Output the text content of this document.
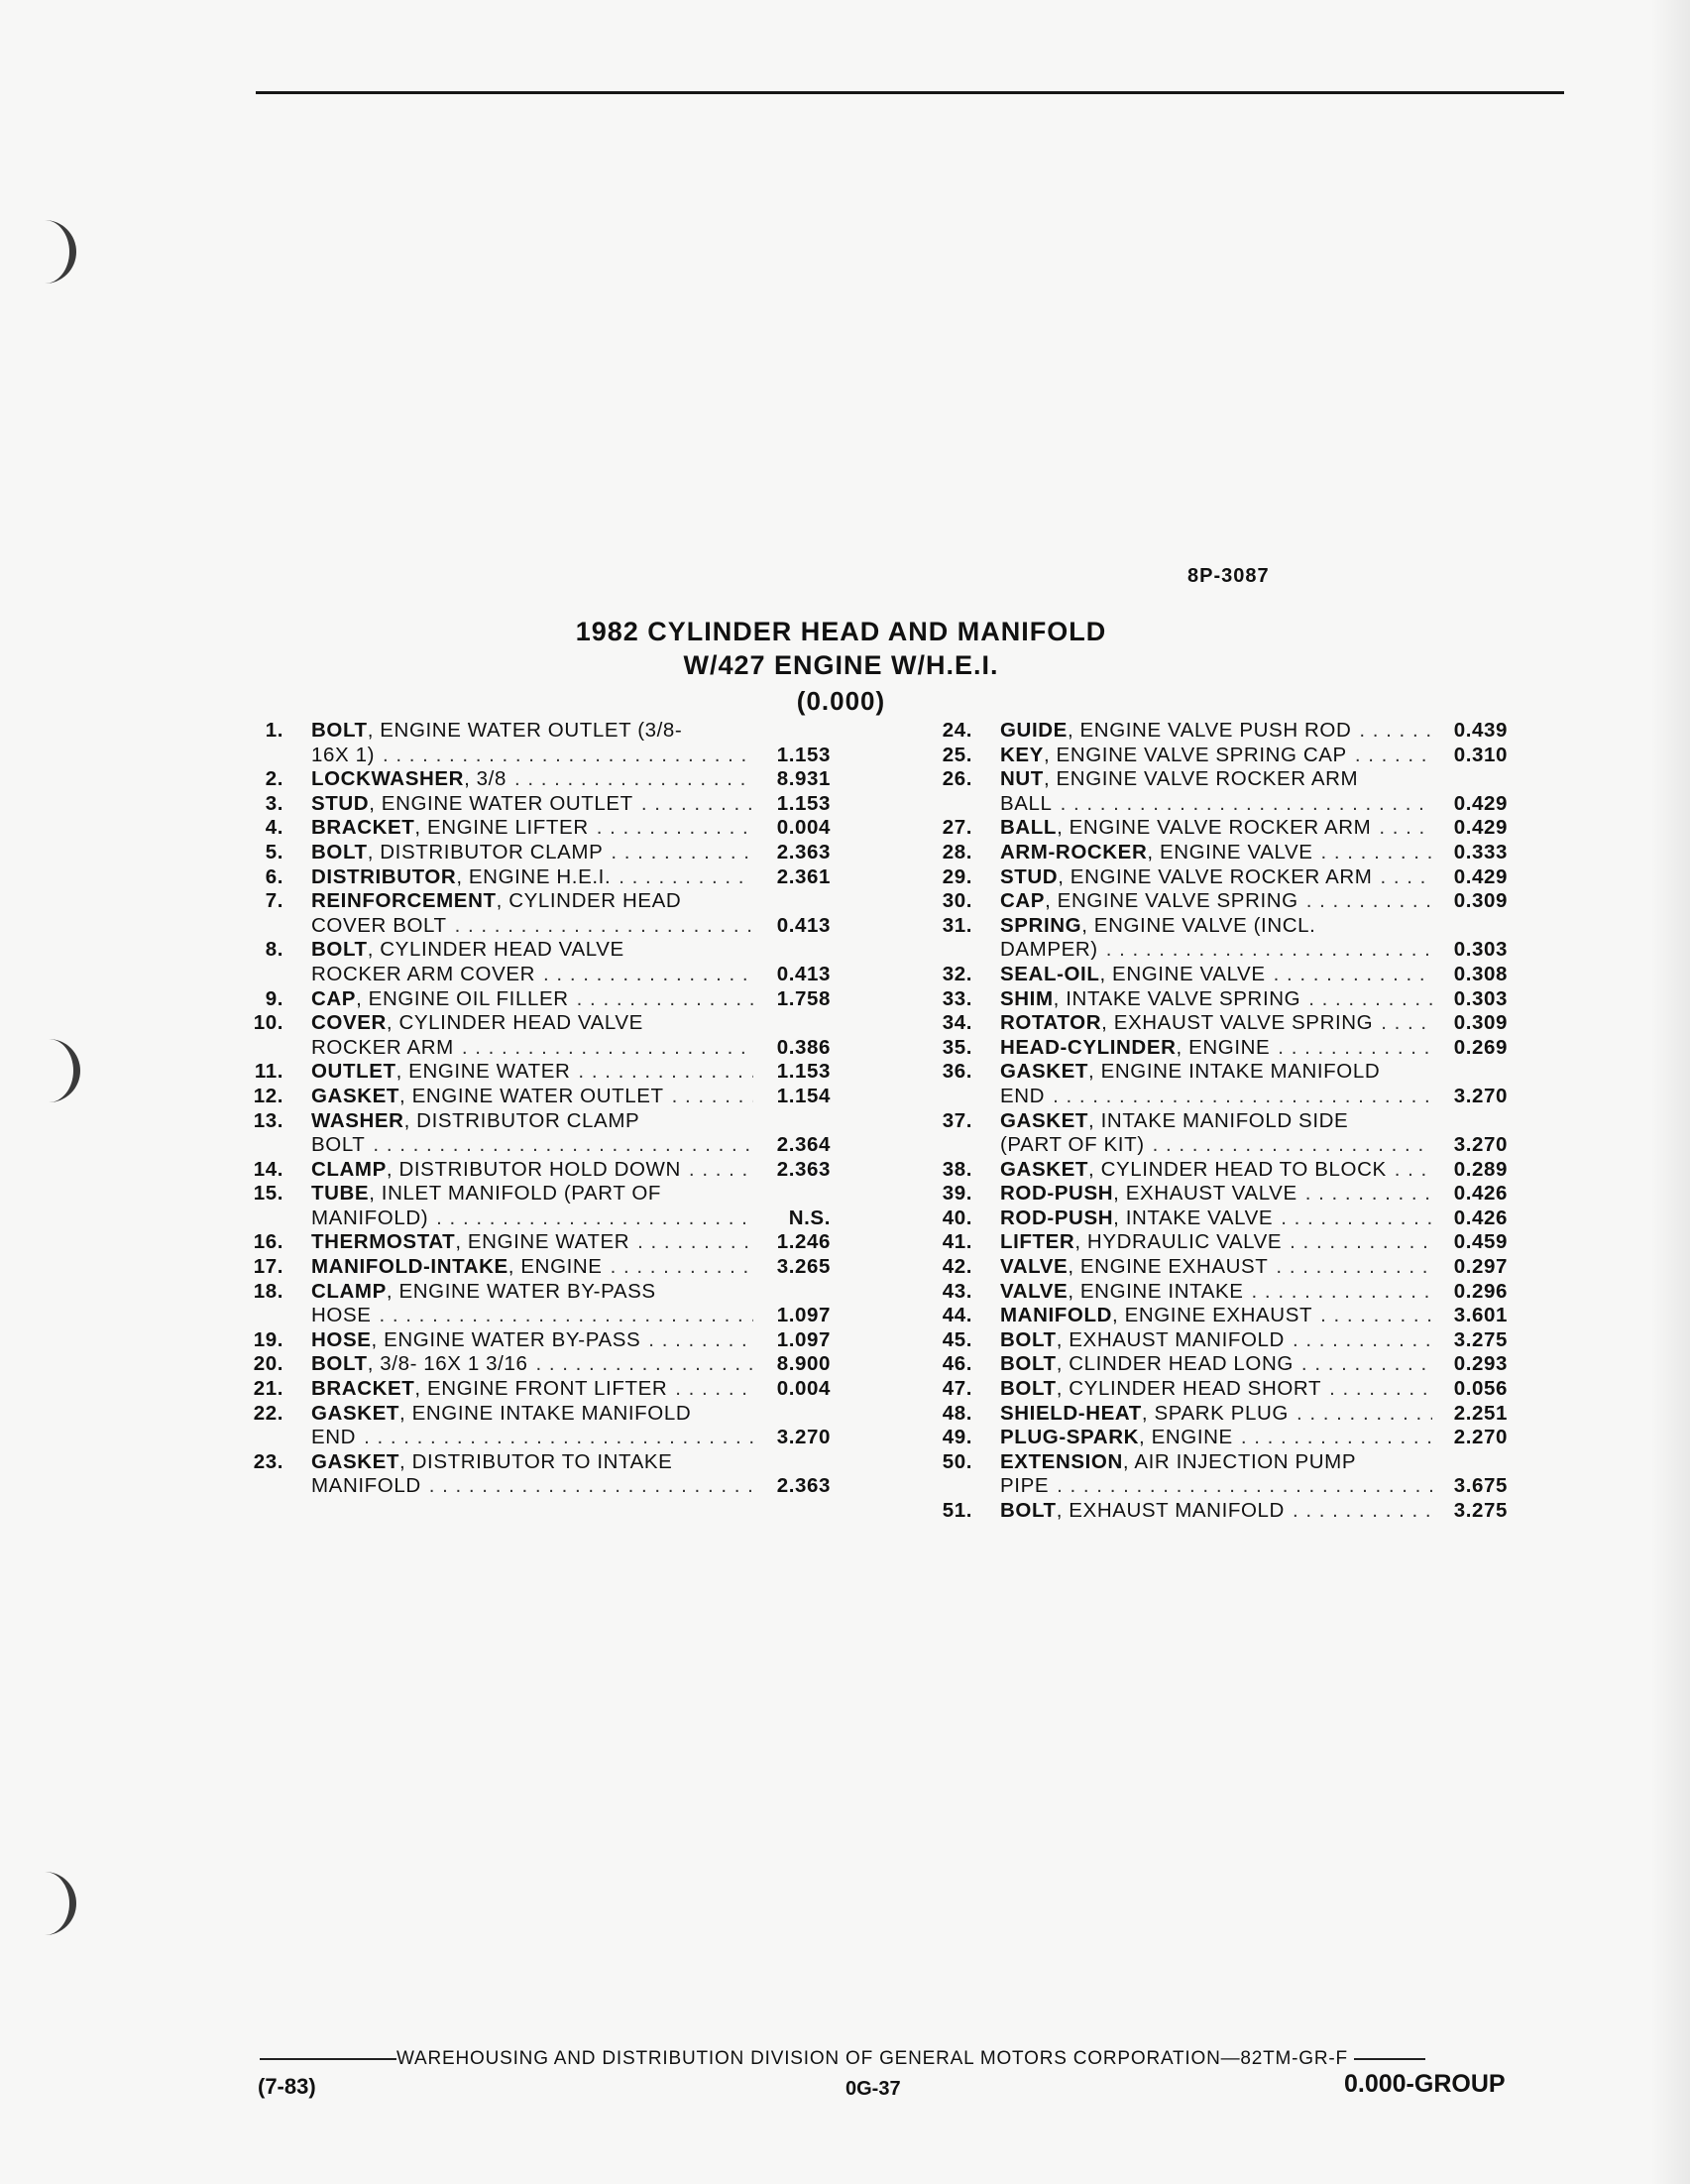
8P-3087
1982 CYLINDER HEAD AND MANIFOLD
W/427 ENGINE W/H.E.I.
(0.000)
1. BOLT , ENGINE WATER OUTLET (3/8-
16X 1) . . .	1.153
2. LOCKWASHER , 3/8 . . .	8.931
3. STUD , ENGINE WATER OUTLET . . .	1.153
4. BRACKET , ENGINE LIFTER . . .	0.004
5. BOLT , DISTRIBUTOR CLAMP . . .	2.363
6. DISTRIBUTOR , ENGINE H.E.I. . . .	2.361
7. REINFORCEMENT , CYLINDER HEAD
COVER BOLT . . .	0.413
8. BOLT , CYLINDER HEAD VALVE
ROCKER ARM COVER . . .	0.413
9. CAP , ENGINE OIL FILLER . . .	1.758
10. COVER , CYLINDER HEAD VALVE
ROCKER ARM . . .	0.386
11. OUTLET , ENGINE WATER . . .	1.153
12. GASKET , ENGINE WATER OUTLET . . .	1.154
13. WASHER , DISTRIBUTOR CLAMP
BOLT . . .	2.364
14. CLAMP , DISTRIBUTOR HOLD DOWN . . .	2.363
15. TUBE , INLET MANIFOLD (PART OF
MANIFOLD) . . .	N.S.
16. THERMOSTAT , ENGINE WATER . . .	1.246
17. MANIFOLD-INTAKE , ENGINE . . .	3.265
18. CLAMP , ENGINE WATER BY-PASS
HOSE . . .	1.097
19. HOSE , ENGINE WATER BY-PASS . . .	1.097
20. BOLT , 3/8- 16X 1 3/16 . . .	8.900
21. BRACKET , ENGINE FRONT LIFTER . . .	0.004
22. GASKET , ENGINE INTAKE MANIFOLD
END . . .	3.270
23. GASKET , DISTRIBUTOR TO INTAKE
MANIFOLD . . .	2.363
24. GUIDE , ENGINE VALVE PUSH ROD . . .	0.439
25. KEY , ENGINE VALVE SPRING CAP . . .	0.310
26. NUT , ENGINE VALVE ROCKER ARM
BALL . . .	0.429
27. BALL , ENGINE VALVE ROCKER ARM . . .	0.429
28. ARM-ROCKER , ENGINE VALVE . . .	0.333
29. STUD , ENGINE VALVE ROCKER ARM . . .	0.429
30. CAP , ENGINE VALVE SPRING . . .	0.309
31. SPRING , ENGINE VALVE (INCL.
DAMPER) . . .	0.303
32. SEAL-OIL , ENGINE VALVE . . .	0.308
33. SHIM , INTAKE VALVE SPRING . . .	0.303
34. ROTATOR , EXHAUST VALVE SPRING . . .	0.309
35. HEAD-CYLINDER , ENGINE . . .	0.269
36. GASKET , ENGINE INTAKE MANIFOLD
END . . .	3.270
37. GASKET , INTAKE MANIFOLD SIDE
(PART OF KIT) . . .	3.270
38. GASKET , CYLINDER HEAD TO BLOCK . . .	0.289
39. ROD-PUSH , EXHAUST VALVE . . .	0.426
40. ROD-PUSH , INTAKE VALVE . . .	0.426
41. LIFTER , HYDRAULIC VALVE . . .	0.459
42. VALVE , ENGINE EXHAUST . . .	0.297
43. VALVE , ENGINE INTAKE . . .	0.296
44. MANIFOLD , ENGINE EXHAUST . . .	3.601
45. BOLT , EXHAUST MANIFOLD . . .	3.275
46. BOLT , CLINDER HEAD LONG . . .	0.293
47. BOLT , CYLINDER HEAD SHORT . . .	0.056
48. SHIELD-HEAT , SPARK PLUG . . .	2.251
49. PLUG-SPARK , ENGINE . . .	2.270
50. EXTENSION , AIR INJECTION PUMP
PIPE . . .	3.675
51. BOLT , EXHAUST MANIFOLD . . .	3.275
WAREHOUSING AND DISTRIBUTION DIVISION OF GENERAL MOTORS CORPORATION—82TM-GR-F
(7-83)	0G-37	0.000-GROUP
